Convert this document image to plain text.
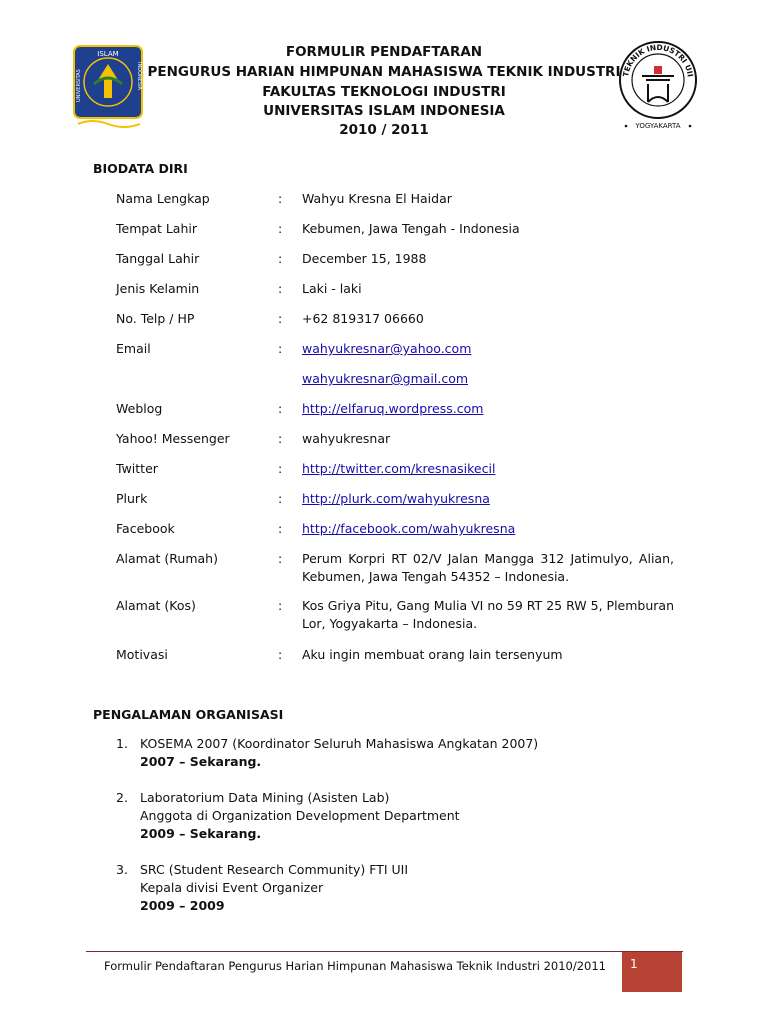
ISLAM
UNIVERSITAS	INDONESIA
FORMULIR PENDAFTARAN
PENGURUS HARIAN HIMPUNAN MAHASISWA TEKNIK INDUSTRI
FAKULTAS TEKNOLOGI INDUSTRI
UNIVERSITAS ISLAM INDONESIA
2010 / 2011
TEKNIK INDUSTRI UII
YOGYAKARTA
BIODATA DIRI
Nama Lengkap	: Wahyu Kresna El Haidar
Tempat Lahir	: Kebumen, Jawa Tengah - Indonesia
Tanggal Lahir	: December 15, 1988
Jenis Kelamin	: Laki - laki
No. Telp / HP	: +62 819317 06660
Email	: wahyukresnar@yahoo.com
wahyukresnar@gmail.com
Weblog	: http://elfaruq.wordpress.com
Yahoo! Messenger	: wahyukresnar
Twitter	: http://twitter.com/kresnasikecil
Plurk	: http://plurk.com/wahyukresna
Facebook	: http://facebook.com/wahyukresna
Alamat (Rumah)	: Perum Korpri RT 02/V Jalan Mangga 312 Jatimulyo, Alian, Kebumen, Jawa Tengah 54352 – Indonesia.
Alamat (Kos)	: Kos Griya Pitu, Gang Mulia VI no 59 RT 25 RW 5, Plemburan Lor, Yogyakarta – Indonesia.
Motivasi	: Aku ingin membuat orang lain tersenyum
PENGALAMAN ORGANISASI
1. KOSEMA 2007 (Koordinator Seluruh Mahasiswa Angkatan 2007)
2007 – Sekarang.
2. Laboratorium Data Mining (Asisten Lab)
Anggota di Organization Development Department
2009 – Sekarang.
3. SRC (Student Research Community) FTI UII
Kepala divisi Event Organizer
2009 – 2009
Formulir Pendaftaran Pengurus Harian Himpunan Mahasiswa Teknik Industri 2010/2011 1
